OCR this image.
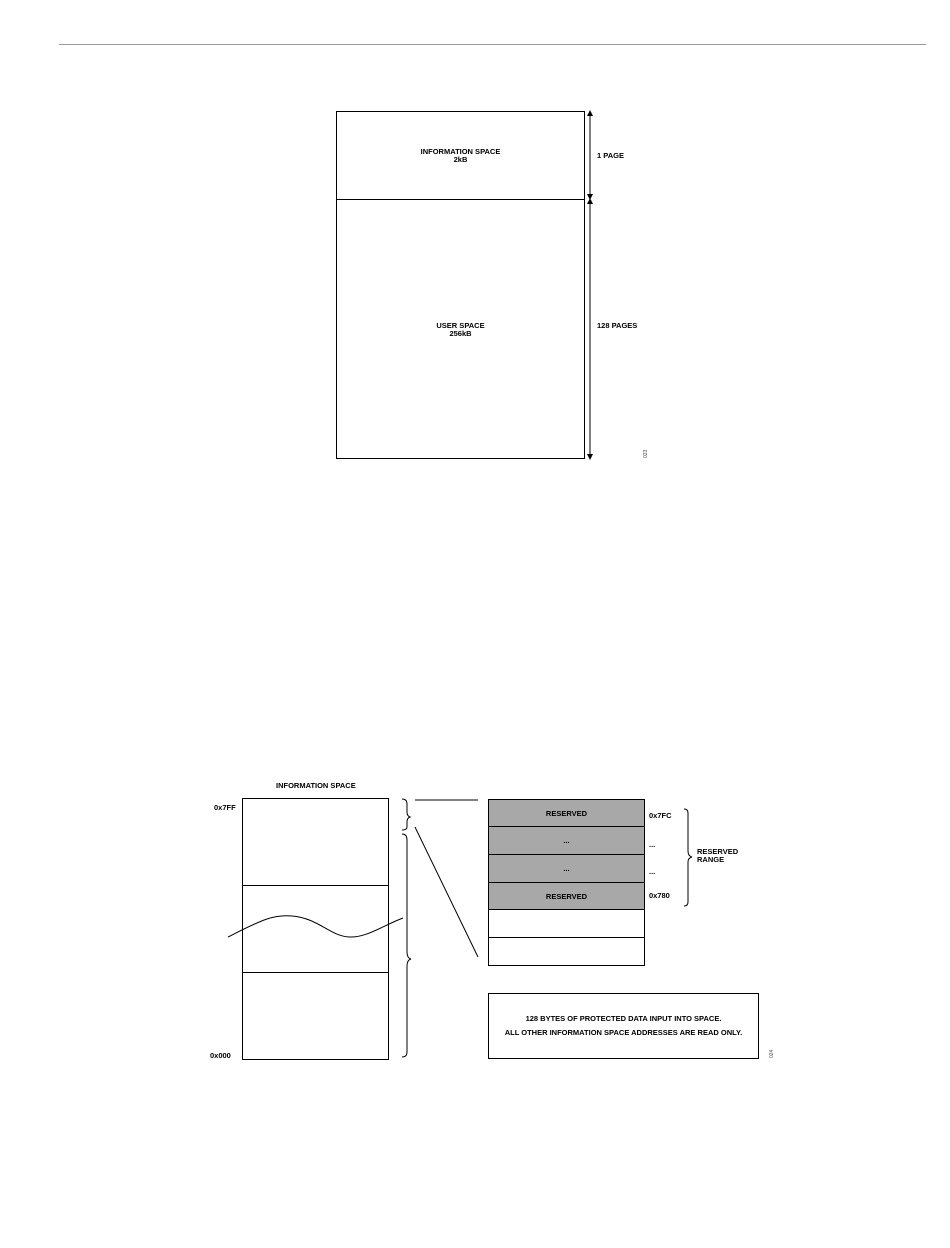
INFORMATION SPACE
2kB
USER SPACE
256kB
1 PAGE
128 PAGES
023
INFORMATION SPACE
0x7FF
0x000
RESERVED
...
...
RESERVED
0x7FC
...
...
0x780
RESERVED
RANGE
128 BYTES OF PROTECTED DATA INPUT INTO SPACE.
ALL OTHER INFORMATION SPACE ADDRESSES ARE READ ONLY.
024
